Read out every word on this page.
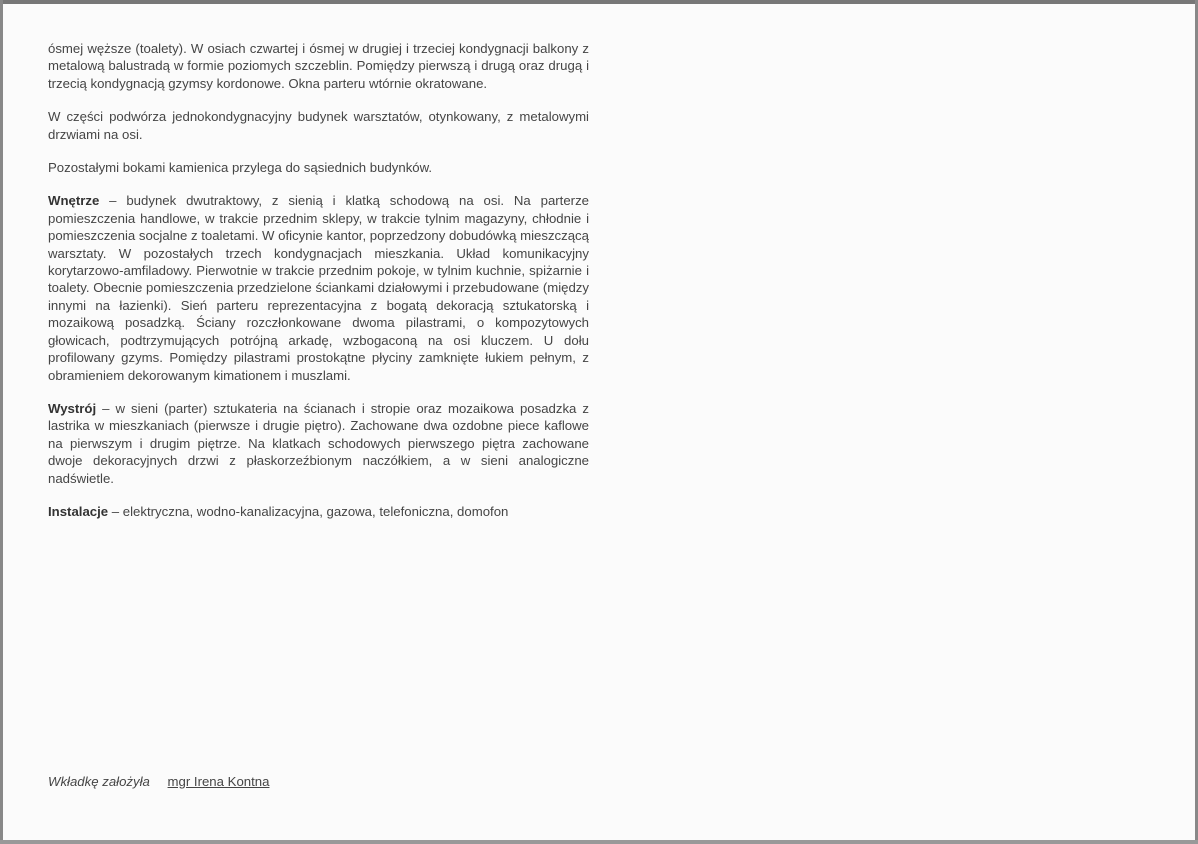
ósmej węższe (toalety). W osiach czwartej i ósmej w drugiej i trzeciej kondygnacji balkony z metalową balustradą w formie poziomych szczeblin. Pomiędzy pierwszą i drugą oraz drugą i trzecią kondygnacją gzymsy kordonowe. Okna parteru wtórnie okratowane.

W części podwórza jednokondygnacyjny budynek warsztatów, otynkowany, z metalowymi drzwiami na osi.

Pozostałymi bokami kamienica przylega do sąsiednich budynków.

Wnętrze – budynek dwutraktowy, z sienią i klatką schodową na osi. Na parterze pomieszczenia handlowe, w trakcie przednim sklepy, w trakcie tylnim magazyny, chłodnie i pomieszczenia socjalne z toaletami. W oficynie kantor, poprzedzony dobudówką mieszczącą warsztaty. W pozostałych trzech kondygnacjach mieszkania. Układ komunikacyjny korytarzowo-amfiladowy. Pierwotnie w trakcie przednim pokoje, w tylnim kuchnie, spiżarnie i toalety. Obecnie pomieszczenia przedzielone ściankami działowymi i przebudowane (między innymi na łazienki). Sień parteru reprezentacyjna z bogatą dekoracją sztukatorską i mozaikową posadzką. Ściany rozczłonkowane dwoma pilastrami, o kompozytowych głowicach, podtrzymujących potrójną arkadę, wzbogaconą na osi kluczem. U dołu profilowany gzyms. Pomiędzy pilastrami prostokątne płyciny zamknięte łukiem pełnym, z obramieniem dekorowanym kimationem i muszlami.

Wystrój – w sieni (parter) sztukateria na ścianach i stropie oraz mozaikowa posadzka z lastrika w mieszkaniach (pierwsze i drugie piętro). Zachowane dwa ozdobne piece kaflowe na pierwszym i drugim piętrze. Na klatkach schodowych pierwszego piętra zachowane dwoje dekoracyjnych drzwi z płaskorzeźbionym naczółkiem, a w sieni analogiczne nadświetle.

Instalacje – elektryczna, wodno-kanalizacyjna, gazowa, telefoniczna, domofon

Wkładkę założyła mgr Irena Kontna
